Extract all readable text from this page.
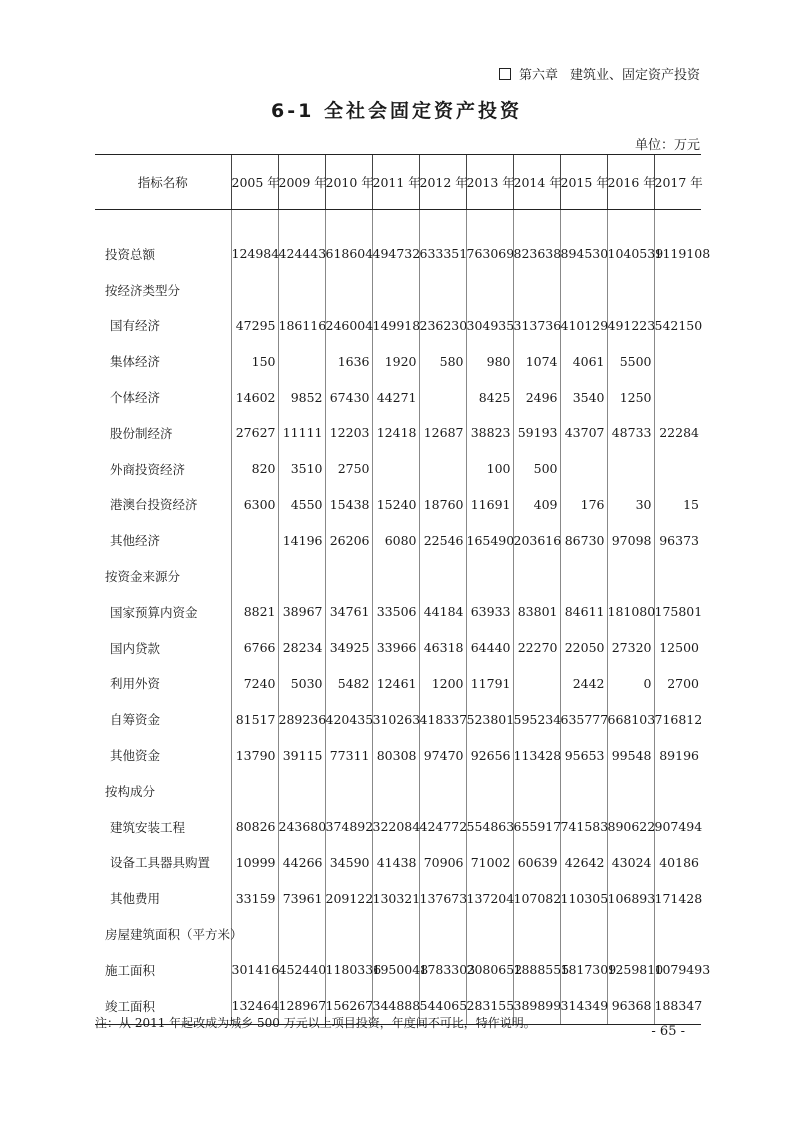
第六章 建筑业、固定资产投资
6-1 全社会固定资产投资
单位：万元
指标名称	2005 年	2009 年	2010 年	2011 年	2012 年	2013 年	2014 年	2015 年	2016 年	2017 年
投资总额	124984	424443	618604	494732	633351	763069	823638	894530	1040539	1119108
按经济类型分										
国有经济	47295	186116	246004	149918	236230	304935	313736	410129	491223	542150
集体经济	150		1636	1920	580	980	1074	4061	5500	
个体经济	14602	9852	67430	44271		8425	2496	3540	1250	
股份制经济	27627	11111	12203	12418	12687	38823	59193	43707	48733	22284
外商投资经济	820	3510	2750			100	500			
港澳台投资经济	6300	4550	15438	15240	18760	11691	409	176	30	15
其他经济		14196	26206	6080	22546	165490	203616	86730	97098	96373
按资金来源分										
国家预算内资金	8821	38967	34761	33506	44184	63933	83801	84611	181080	175801
国内贷款	6766	28234	34925	33966	46318	64440	22270	22050	27320	12500
利用外资	7240	5030	5482	12461	1200	11791		2442	0	2700
自筹资金	81517	289236	420435	310263	418337	523801	595234	635777	668103	716812
其他资金	13790	39115	77311	80308	97470	92656	113428	95653	99548	89196
按构成分										
建筑安装工程	80826	243680	374892	322084	424772	554863	655917	741583	890622	907494
设备工具器具购置	10999	44266	34590	41438	70906	71002	60639	42642	43024	40186
其他费用	33159	73961	209122	130321	137673	137204	107082	110305	106893	171428
房屋建筑面积（平方米）										
施工面积	301416	452440	1180336	1950048	1783303	2080652	1888555	1817309	1259810	1079493
竣工面积	132464	128967	156267	344888	544065	283155	389899	314349	96368	188347
注：从 2011 年起改成为城乡 500 万元以上项目投资，年度间不可比，特作说明。
- 65 -
